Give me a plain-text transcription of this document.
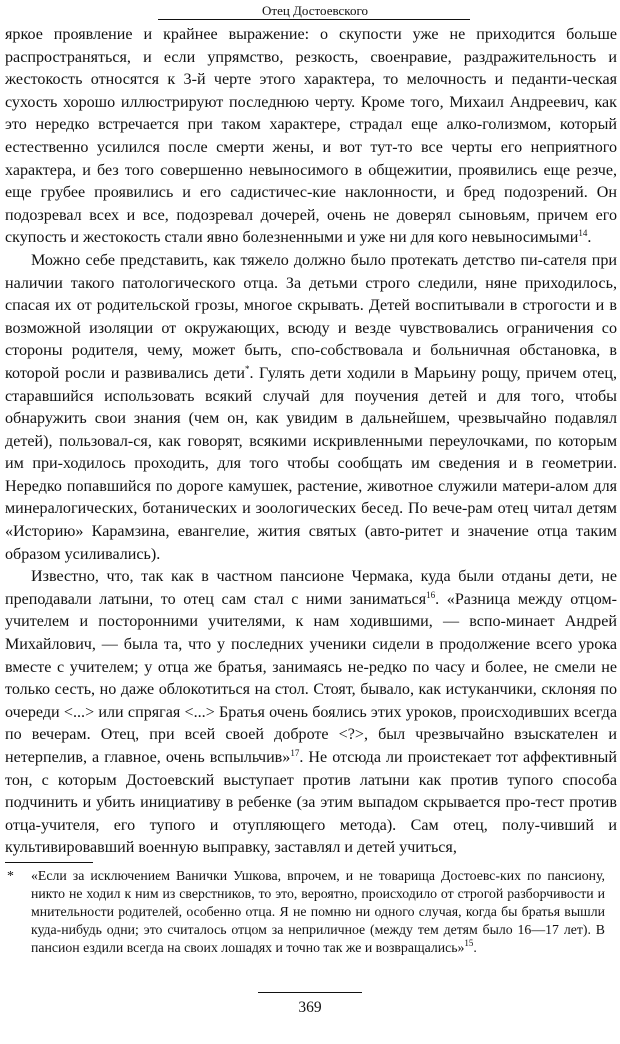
Отец Достоевского

яркое проявление и крайнее выражение: о скупости уже не приходится больше распространяться, и если упрямство, резкость, своенравие, раздражительность и жестокость относятся к 3-й черте этого характера, то мелочность и педанти-ческая сухость хорошо иллюстрируют последнюю черту. Кроме того, Михаил Андреевич, как это нередко встречается при таком характере, страдал еще алко-голизмом, который естественно усилился после смерти жены, и вот тут-то все черты его неприятного характера, и без того совершенно невыносимого в общежитии, проявились еще резче, еще грубее проявились и его садистичес-кие наклонности, и бред подозрений. Он подозревал всех и все, подозревал дочерей, очень не доверял сыновьям, причем его скупость и жестокость стали явно болезненными и уже ни для кого невыносимыми$^{14}$.

Можно себе представить, как тяжело должно было протекать детство пи-сателя при наличии такого патологического отца. За детьми строго следили, няне приходилось, спасая их от родительской грозы, многое скрывать. Детей воспитывали в строгости и в возможной изоляции от окружающих, всюду и везде чувствовались ограничения со стороны родителя, чему, может быть, спо-собствовала и больничная обстановка, в которой росли и развивались дети*. Гулять дети ходили в Марьину рощу, причем отец, старавшийся использовать всякий случай для поучения детей и для того, чтобы обнаружить свои знания (чем он, как увидим в дальнейшем, чрезвычайно подавлял детей), пользовал-ся, как говорят, всякими искривленными переулочками, по которым им при-ходилось проходить, для того чтобы сообщать им сведения и в геометрии. Нередко попавшийся по дороге камушек, растение, животное служили матери-алом для минералогических, ботанических и зоологических бесед. По вече-рам отец читал детям «Историю» Карамзина, евангелие, жития святых (авто-ритет и значение отца таким образом усиливались).

Известно, что, так как в частном пансионе Чермака, куда были отданы дети, не преподавали латыни, то отец сам стал с ними заниматься$^{16}$. «Разница между отцом-учителем и посторонними учителями, к нам ходившими, — вспо-минает Андрей Михайлович, — была та, что у последних ученики сидели в продолжение всего урока вместе с учителем; у отца же братья, занимаясь не-редко по часу и более, не смели не только сесть, но даже облокотиться на стол. Стоят, бывало, как истуканчики, склоняя по очереди <...> или спрягая <...> Братья очень боялись этих уроков, происходивших всегда по вечерам. Отец, при всей своей доброте <?>, был чрезвычайно взыскателен и нетерпелив, а главное, очень вспыльчив»$^{17}$. Не отсюда ли проистекает тот аффективный тон, с которым Достоевский выступает против латыни как против тупого способа подчинить и убить инициативу в ребенке (за этим выпадом скрывается про-тест против отца-учителя, его тупого и отупляющего метода). Сам отец, полу-чивший и культивировавший военную выправку, заставлял и детей учиться,

* «Если за исключением Ванички Ушкова, впрочем, и не товарища Достоевс-ких по пансиону, никто не ходил к ним из сверстников, то это, вероятно, происходило от строгой разборчивости и мнительности родителей, особенно отца. Я не помню ни одного случая, когда бы братья вышли куда-нибудь одни; это считалось отцом за неприличное (между тем детям было 16—17 лет). В пансион ездили всегда на своих лошадях и точно так же и возвращались»$^{15}$.

369
